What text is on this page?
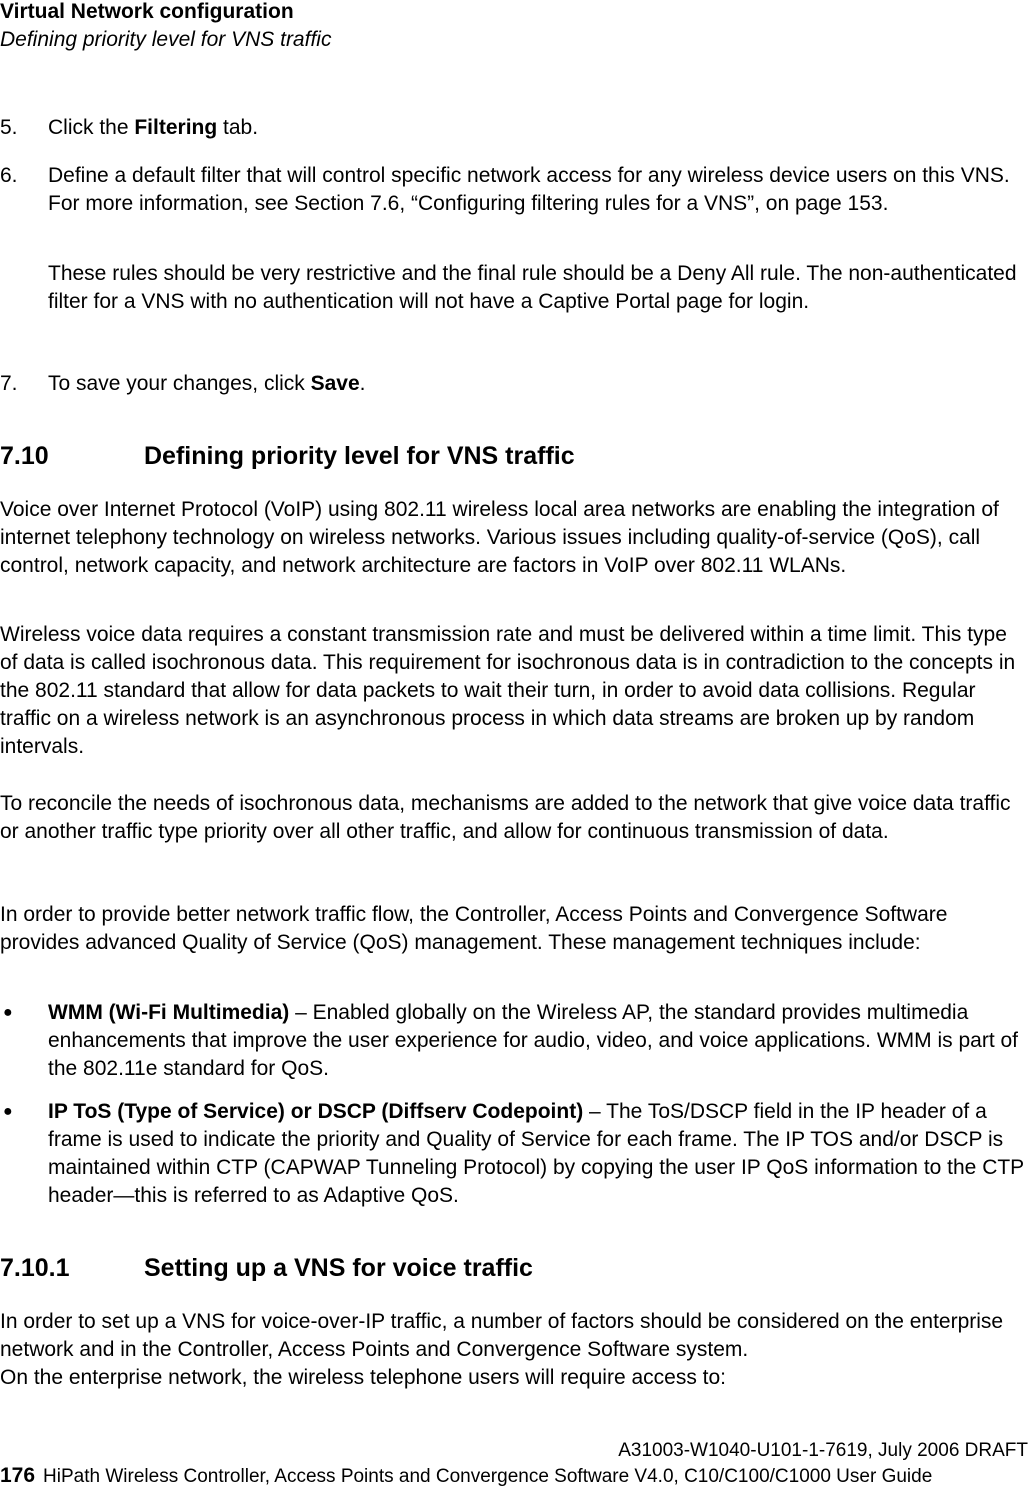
Virtual Network configuration
Defining priority level for VNS traffic
5.	Click the Filtering tab.
6.	Define a default filter that will control specific network access for any wireless device users on this VNS. For more information, see Section 7.6, “Configuring filtering rules for a VNS”, on page 153.
These rules should be very restrictive and the final rule should be a Deny All rule. The non-authenticated filter for a VNS with no authentication will not have a Captive Portal page for login.
7.	To save your changes, click Save.
7.10	Defining priority level for VNS traffic

Voice over Internet Protocol (VoIP) using 802.11 wireless local area networks are enabling the integration of internet telephony technology on wireless networks. Various issues including quality-of-service (QoS), call control, network capacity, and network architecture are factors in VoIP over 802.11 WLANs.

Wireless voice data requires a constant transmission rate and must be delivered within a time limit. This type of data is called isochronous data. This requirement for isochronous data is in contradiction to the concepts in the 802.11 standard that allow for data packets to wait their turn, in order to avoid data collisions. Regular traffic on a wireless network is an asynchronous process in which data streams are broken up by random intervals.

To reconcile the needs of isochronous data, mechanisms are added to the network that give voice data traffic or another traffic type priority over all other traffic, and allow for continuous transmission of data.

In order to provide better network traffic flow, the Controller, Access Points and Convergence Software provides advanced Quality of Service (QoS) management. These management techniques include:

● WMM (Wi-Fi Multimedia) – Enabled globally on the Wireless AP, the standard provides multimedia enhancements that improve the user experience for audio, video, and voice applications. WMM is part of the 802.11e standard for QoS.
● IP ToS (Type of Service) or DSCP (Diffserv Codepoint) – The ToS/DSCP field in the IP header of a frame is used to indicate the priority and Quality of Service for each frame. The IP TOS and/or DSCP is maintained within CTP (CAPWAP Tunneling Protocol) by copying the user IP QoS information to the CTP header—this is referred to as Adaptive QoS.
7.10.1	Setting up a VNS for voice traffic

In order to set up a VNS for voice-over-IP traffic, a number of factors should be considered on the enterprise network and in the Controller, Access Points and Convergence Software system.

On the enterprise network, the wireless telephone users will require access to:

A31003-W1040-U101-1-7619, July 2006 DRAFT
176 HiPath Wireless Controller, Access Points and Convergence Software V4.0, C10/C100/C1000 User Guide
